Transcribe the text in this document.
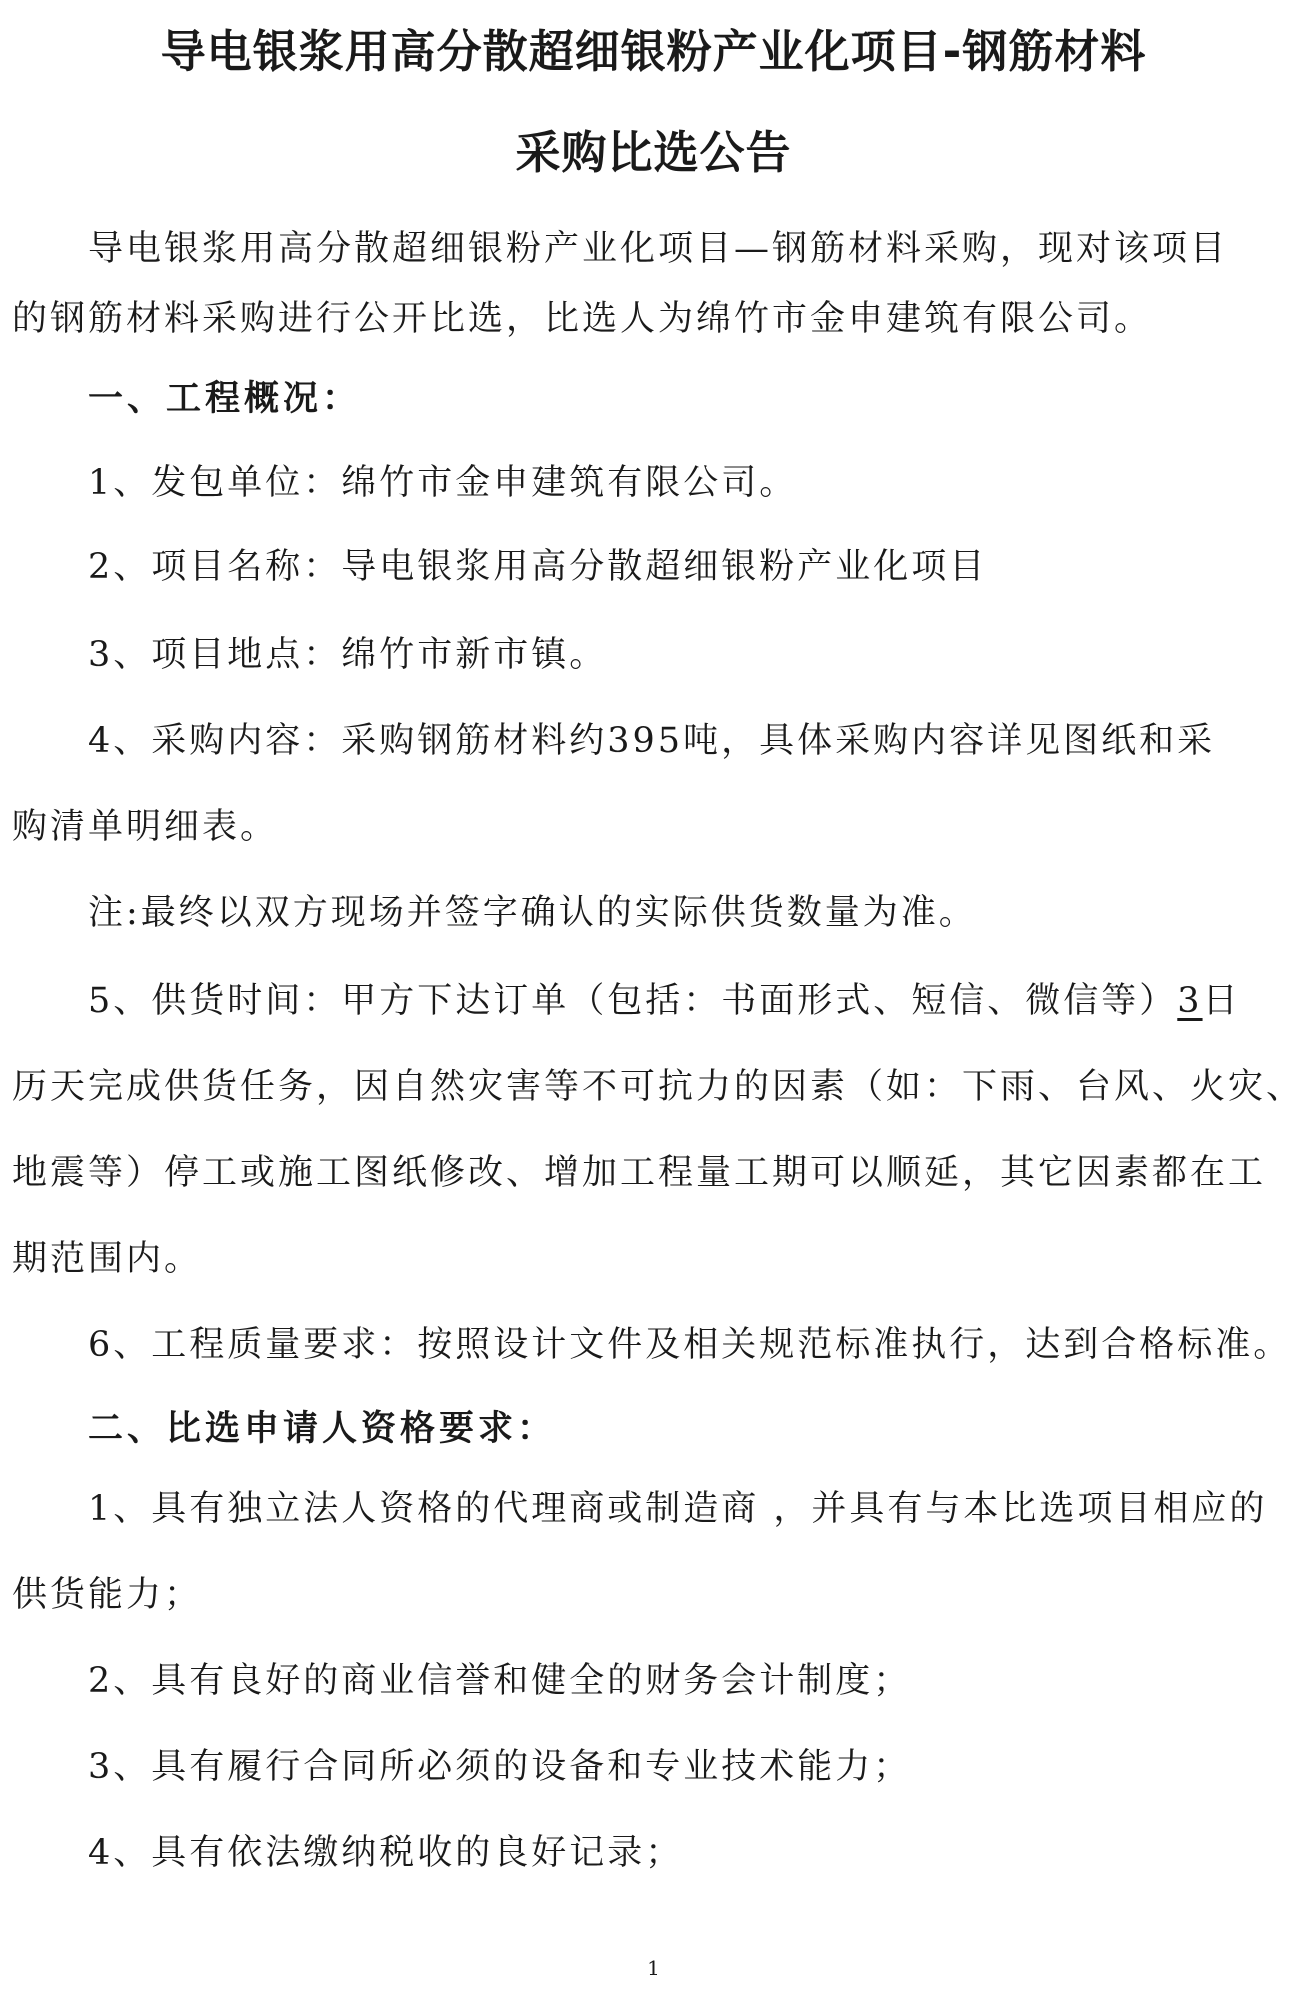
导电银浆用高分散超细银粉产业化项目-钢筋材料
采购比选公告
导电银浆用高分散超细银粉产业化项目—钢筋材料采购，现对该项目
的钢筋材料采购进行公开比选，比选人为绵竹市金申建筑有限公司。
一、工程概况：
1、发包单位：绵竹市金申建筑有限公司。
2、项目名称：导电银浆用高分散超细银粉产业化项目
3、项目地点：绵竹市新市镇。
4、采购内容：采购钢筋材料约395吨，具体采购内容详见图纸和采
购清单明细表。
注:最终以双方现场并签字确认的实际供货数量为准。
5、供货时间：甲方下达订单（包括：书面形式、短信、微信等）3日
历天完成供货任务，因自然灾害等不可抗力的因素（如：下雨、台风、火灾、
地震等）停工或施工图纸修改、增加工程量工期可以顺延，其它因素都在工
期范围内。
6、工程质量要求：按照设计文件及相关规范标准执行，达到合格标准。
二、比选申请人资格要求：
1、具有独立法人资格的代理商或制造商 ，并具有与本比选项目相应的
供货能力；
2、具有良好的商业信誉和健全的财务会计制度；
3、具有履行合同所必须的设备和专业技术能力；
4、具有依法缴纳税收的良好记录；
1
